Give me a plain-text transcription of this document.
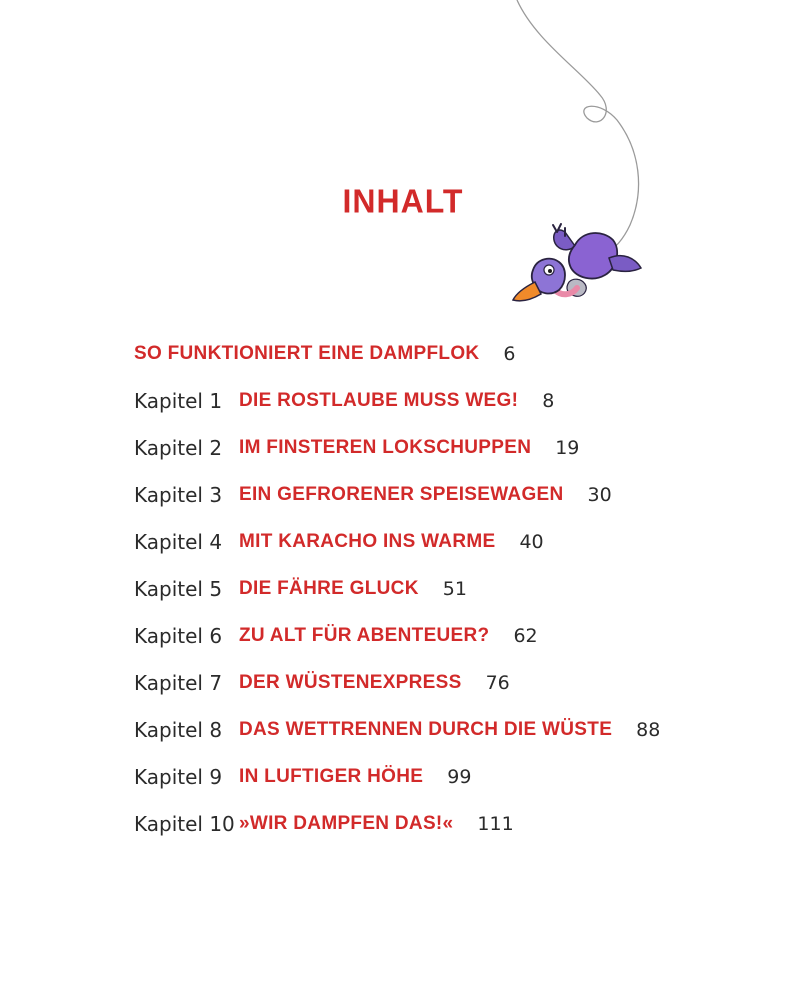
INHALT
SO FUNKTIONIERT EINE DAMPFLOK 6
Kapitel 1 DIE ROSTLAUBE MUSS WEG! 8
Kapitel 2 IM FINSTEREN LOKSCHUPPEN 19
Kapitel 3 EIN GEFRORENER SPEISEWAGEN 30
Kapitel 4 MIT KARACHO INS WARME 40
Kapitel 5 DIE FÄHRE GLUCK 51
Kapitel 6 ZU ALT FÜR ABENTEUER? 62
Kapitel 7 DER WÜSTENEXPRESS 76
Kapitel 8 DAS WETTRENNEN DURCH DIE WÜSTE 88
Kapitel 9 IN LUFTIGER HÖHE 99
Kapitel 10 »WIR DAMPFEN DAS!« 111
